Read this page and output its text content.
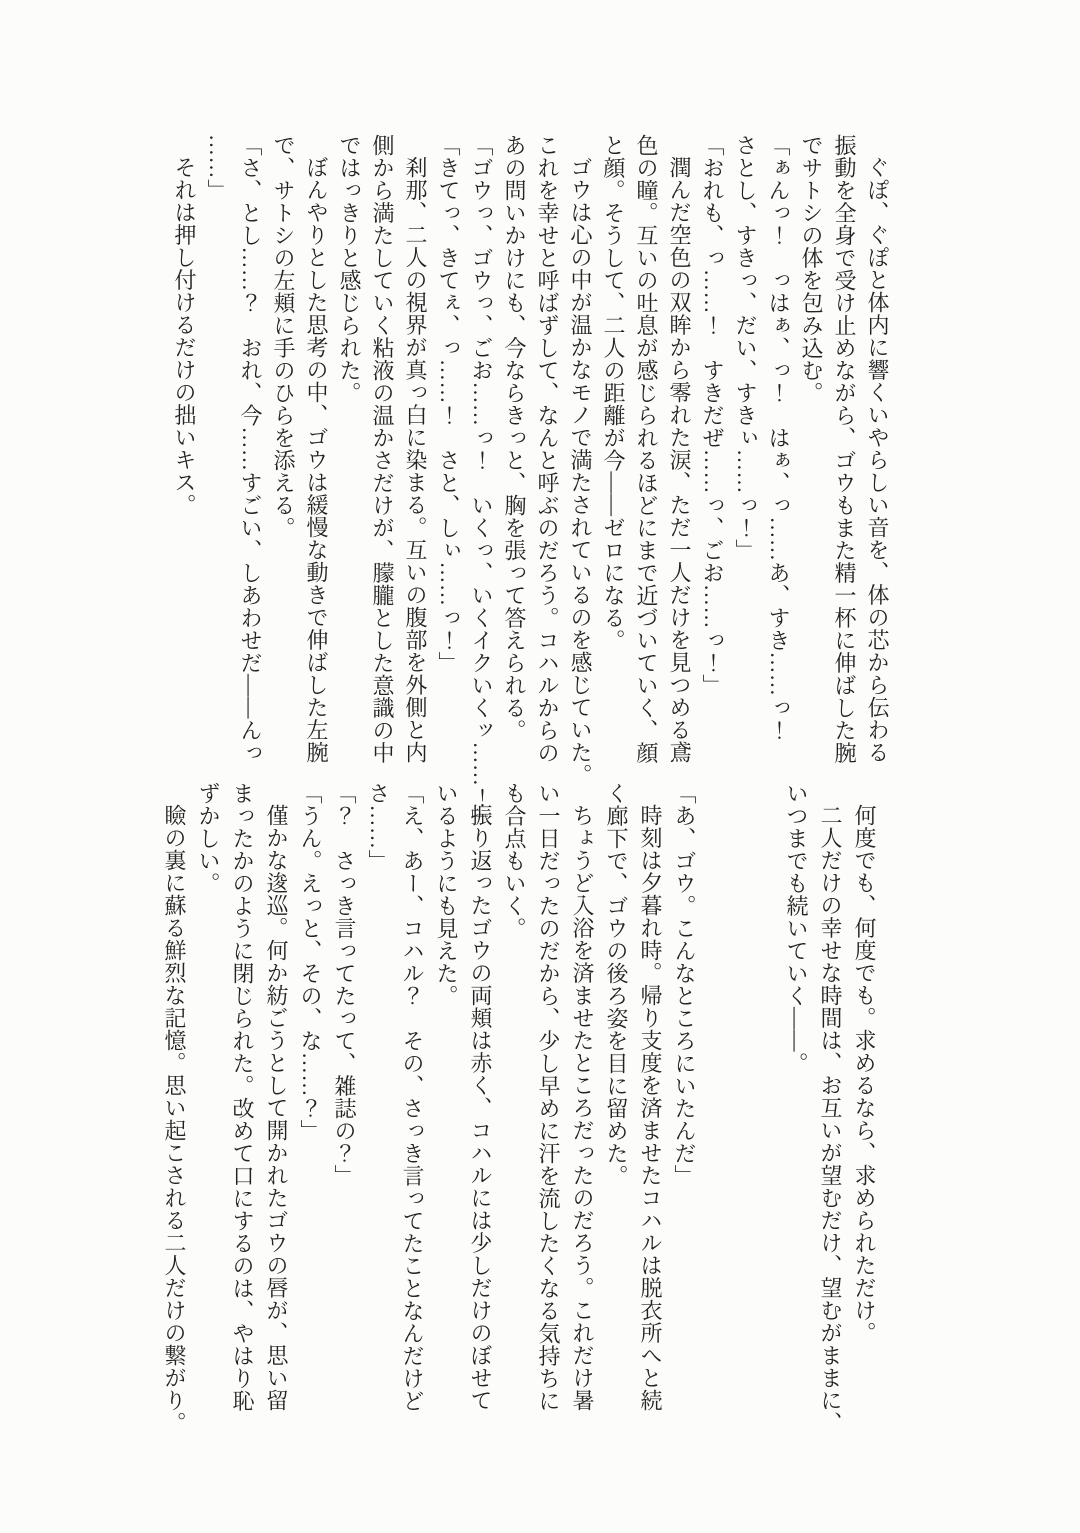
ぐぽ、ぐぽと体内に響くいやらしい音を、体の芯から伝わる
振動を全身で受け止めながら、ゴウもまた精一杯に伸ばした腕
でサトシの体を包み込む。
「ぁんっ！　っはぁ、っ！　はぁ、っ……あ、すき……っ！
さとし、すきっ、だい、すきぃ……っ！」
「おれも、っ……！　すきだぜ……っ、ごお……っ！」
潤んだ空色の双眸から零れた涙、ただ一人だけを見つめる鳶
色の瞳。互いの吐息が感じられるほどにまで近づいていく、顔
と顔。そうして、二人の距離が今――ゼロになる。
ゴウは心の中が温かなモノで満たされているのを感じていた。
これを幸せと呼ばずして、なんと呼ぶのだろう。コハルからの
あの問いかけにも、今ならきっと、胸を張って答えられる。
「ゴウっ、ゴウっ、ごお……っ！　いくっ、いくイクいくッ……！」
「きてっ、きてぇ、っ……！　さと、しぃ……っ！」
刹那、二人の視界が真っ白に染まる。互いの腹部を外側と内
側から満たしていく粘液の温かさだけが、朦朧とした意識の中
ではっきりと感じられた。
ぼんやりとした思考の中、ゴウは緩慢な動きで伸ばした左腕
で、サトシの左頬に手のひらを添える。
「さ、とし……？　おれ、今……すごい、しあわせだ――んっ
……」
それは押し付けるだけの拙いキス。
何度でも、何度でも。求めるなら、求められただけ。
二人だけの幸せな時間は、お互いが望むだけ、望むがままに、
いつまでも続いていく――。
「あ、ゴウ。こんなところにいたんだ」
時刻は夕暮れ時。帰り支度を済ませたコハルは脱衣所へと続
く廊下で、ゴウの後ろ姿を目に留めた。
ちょうど入浴を済ませたところだったのだろう。これだけ暑
い一日だったのだから、少し早めに汗を流したくなる気持ちに
も合点もいく。
振り返ったゴウの両頬は赤く、コハルには少しだけのぼせて
いるようにも見えた。
「え、あー、コハル？　その、さっき言ってたことなんだけど
さ……」
「？　さっき言ってたって、雑誌の？」
「うん。えっと、その、な……？」
僅かな逡巡。何か紡ごうとして開かれたゴウの唇が、思い留
まったかのように閉じられた。改めて口にするのは、やはり恥
ずかしい。
瞼の裏に蘇る鮮烈な記憶。思い起こされる二人だけの繋がり。
